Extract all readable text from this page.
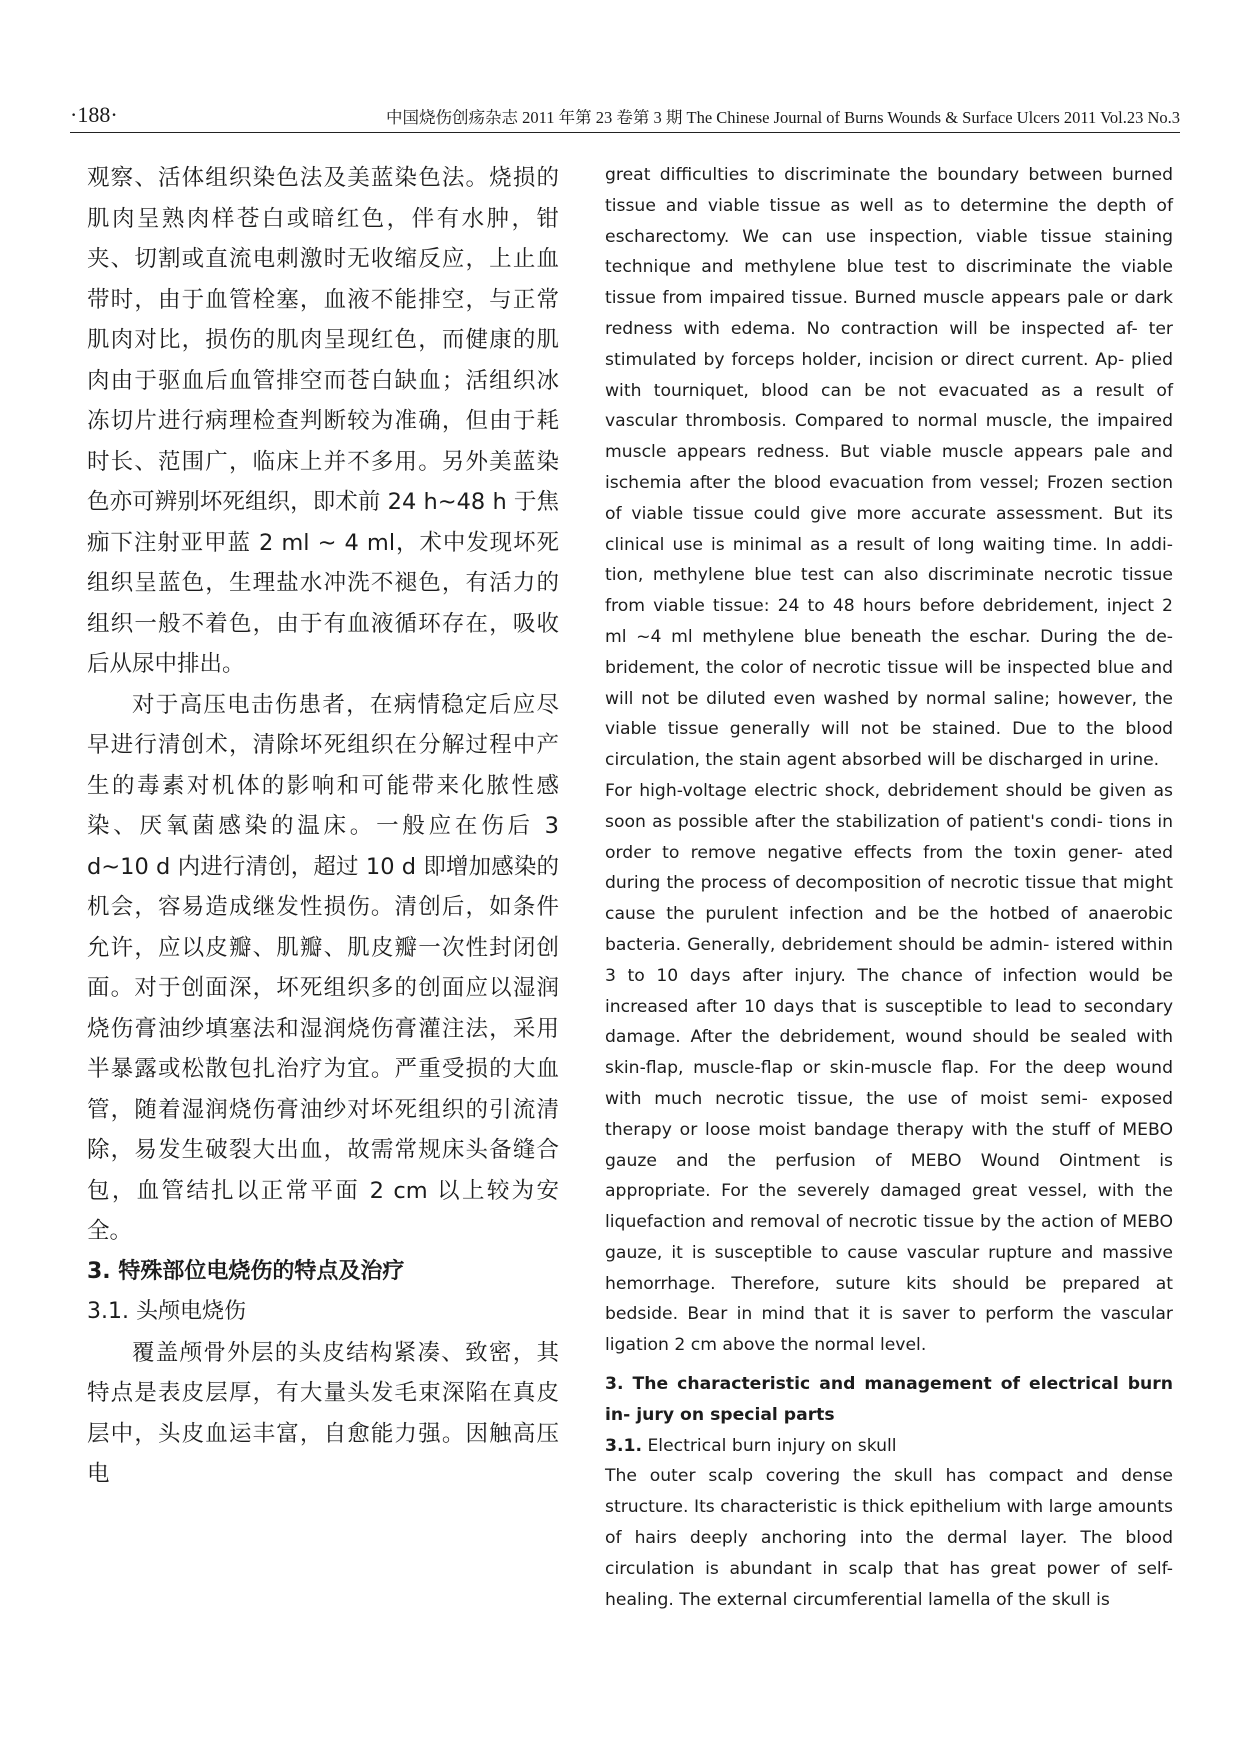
·188·	中国烧伤创疡杂志 2011 年第 23 卷第 3 期 The Chinese Journal of Burns Wounds & Surface Ulcers 2011 Vol.23 No.3

观察、活体组织染色法及美蓝染色法。烧损的肌肉呈熟肉样苍白或暗红色，伴有水肿，钳夹、切割或直流电刺激时无收缩反应，上止血带时，由于血管栓塞，血液不能排空，与正常肌肉对比，损伤的肌肉呈现红色，而健康的肌肉由于驱血后血管排空而苍白缺血；活组织冰冻切片进行病理检查判断较为准确，但由于耗时长、范围广，临床上并不多用。另外美蓝染色亦可辨别坏死组织，即术前 24 h~48 h 于焦痂下注射亚甲蓝 2 ml ~ 4 ml，术中发现坏死组织呈蓝色，生理盐水冲洗不褪色，有活力的组织一般不着色，由于有血液循环存在，吸收后从尿中排出。

对于高压电击伤患者，在病情稳定后应尽早进行清创术，清除坏死组织在分解过程中产生的毒素对机体的影响和可能带来化脓性感染、厌氧菌感染的温床。一般应在伤后 3 d~10 d 内进行清创，超过 10 d 即增加感染的机会，容易造成继发性损伤。清创后，如条件允许，应以皮瓣、肌瓣、肌皮瓣一次性封闭创面。对于创面深，坏死组织多的创面应以湿润烧伤膏油纱填塞法和湿润烧伤膏灌注法，采用半暴露或松散包扎治疗为宜。严重受损的大血管，随着湿润烧伤膏油纱对坏死组织的引流清除，易发生破裂大出血，故需常规床头备缝合包，血管结扎以正常平面 2 cm 以上较为安全。

3. 特殊部位电烧伤的特点及治疗

3.1. 头颅电烧伤

覆盖颅骨外层的头皮结构紧凑、致密，其特点是表皮层厚，有大量头发毛束深陷在真皮层中，头皮血运丰富，自愈能力强。因触高压电

great difficulties to discriminate the boundary between burned tissue and viable tissue as well as to determine the depth of escharectomy. We can use inspection, viable tissue staining technique and methylene blue test to discriminate the viable tissue from impaired tissue. Burned muscle appears pale or dark redness with edema. No contraction will be inspected af- ter stimulated by forceps holder, incision or direct current. Ap- plied with tourniquet, blood can be not evacuated as a result of vascular thrombosis. Compared to normal muscle, the impaired muscle appears redness. But viable muscle appears pale and ischemia after the blood evacuation from vessel; Frozen section of viable tissue could give more accurate assessment. But its clinical use is minimal as a result of long waiting time. In addi- tion, methylene blue test can also discriminate necrotic tissue from viable tissue: 24 to 48 hours before debridement, inject 2 ml ~4 ml methylene blue beneath the eschar. During the de- bridement, the color of necrotic tissue will be inspected blue and will not be diluted even washed by normal saline; however, the viable tissue generally will not be stained. Due to the blood circulation, the stain agent absorbed will be discharged in urine.

For high-voltage electric shock, debridement should be given as soon as possible after the stabilization of patient's condi- tions in order to remove negative effects from the toxin gener- ated during the process of decomposition of necrotic tissue that might cause the purulent infection and be the hotbed of anaerobic bacteria. Generally, debridement should be admin- istered within 3 to 10 days after injury. The chance of infection would be increased after 10 days that is susceptible to lead to secondary damage. After the debridement, wound should be sealed with skin-flap, muscle-flap or skin-muscle flap. For the deep wound with much necrotic tissue, the use of moist semi- exposed therapy or loose moist bandage therapy with the stuff of MEBO gauze and the perfusion of MEBO Wound Ointment is appropriate. For the severely damaged great vessel, with the liquefaction and removal of necrotic tissue by the action of MEBO gauze, it is susceptible to cause vascular rupture and massive hemorrhage. Therefore, suture kits should be prepared at bedside. Bear in mind that it is saver to perform the vascular ligation 2 cm above the normal level.

3. The characteristic and management of electrical burn in- jury on special parts

3.1. Electrical burn injury on skull

The outer scalp covering the skull has compact and dense structure. Its characteristic is thick epithelium with large amounts of hairs deeply anchoring into the dermal layer. The blood circulation is abundant in scalp that has great power of self-healing. The external circumferential lamella of the skull is
